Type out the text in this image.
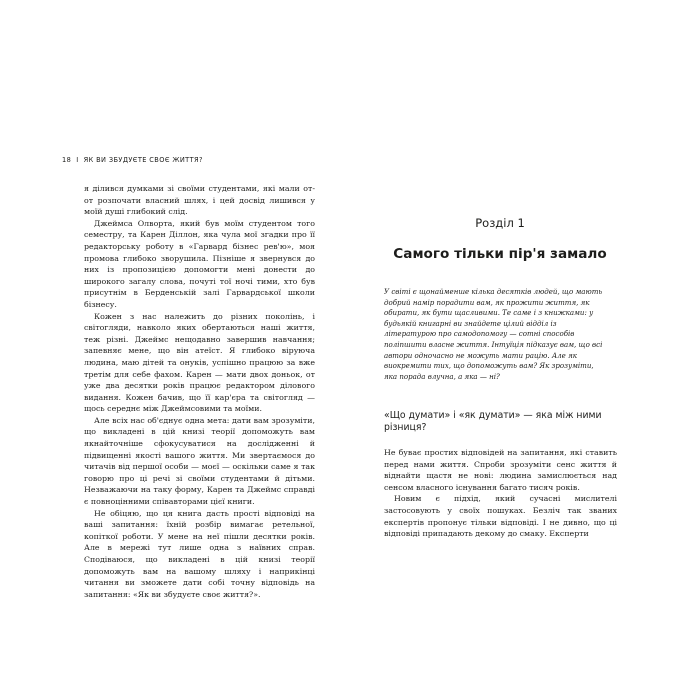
18 І ЯК ВИ ЗБУДУЄТЕ СВОЄ ЖИТТЯ?

я ділився думками зі своїми студентами, які мали от-от розпочати власний шлях, і цей досвід лишився у моїй душі глибокий слід.

Джеймса Олворта, який був моїм студентом того семестру, та Карен Діллон, яка чула мої згадки про її редакторську роботу в «Гарвард бізнес рев'ю», моя промова глибоко зворушила. Пізніше я звернувся до них із пропозицією допомогти мені донести до широкого загалу слова, почуті тої ночі тими, хто був присутнім в Берденській залі Гарвардської школи бізнесу.

Кожен з нас належить до різних поколінь, і світогляди, навколо яких обертаються наші життя, теж різні. Джеймс нещодавно завершив навчання; запевняє мене, що він атеїст. Я глибоко віруюча людина, маю дітей та онуків, успішно працюю за вже третім для себе фахом. Карен — мати двох доньок, от уже два десятки років працює редактором ділового видання. Кожен бачив, що її кар'єра та світогляд — щось середнє між Джеймсовими та моїми.

Але всіх нас об'єднує одна мета: дати вам зрозуміти, що викладені в цій книзі теорії допоможуть вам якнайточніше сфокусуватися на дослідженні й підвищенні якості вашого життя. Ми звертаємося до читачів від першої особи — моєї — оскільки саме я так говорю про ці речі зі своїми студентами й дітьми. Незважаючи на таку форму, Карен та Джеймс справді є повноцінними співавторами цієї книги.

Не обіцяю, що ця книга дасть прості відповіді на ваші запитання: їхній розбір вимагає ретельної, копіткої роботи. У мене на неї пішли десятки років. Але в мережі тут лише одна з наївних справ. Сподіваюся, що викладені в цій книзі теорії допоможуть вам на вашому шляху і наприкінці читання ви зможете дати собі точну відповідь на запитання: «Як ви збудуєте своє життя?».

Розділ 1
Самого тільки пір'я замало

У світі є щонайменше кілька десятків людей, що мають добрий намір порадити вам, як прожити життя, як обирати, як бути щасливими. Те саме і з книжками: у будьякій книгарні ви знайдете цілий відділ із літературою про самодопомогу — сотні способів поліпшити власне життя. Інтуїція підказує вам, що всі автори одночасно не можуть мати рацію. Але як виокремити тих, що допоможуть вам? Як зрозуміти, яка порада влучна, а яка — ні?

«Що думати» і «як думати» — яка між ними різниця?

Не буває простих відповідей на запитання, які ставить перед нами життя. Спроби зрозуміти сенс життя й віднайти щастя не нові: людина замислюється над сенсом власного існування багато тисяч років.

Новим є підхід, який сучасні мислителі застосовують у своїх пошуках. Безліч так званих експертів пропонує тільки відповіді. І не дивно, що ці відповіді припадають декому до смаку. Експерти
